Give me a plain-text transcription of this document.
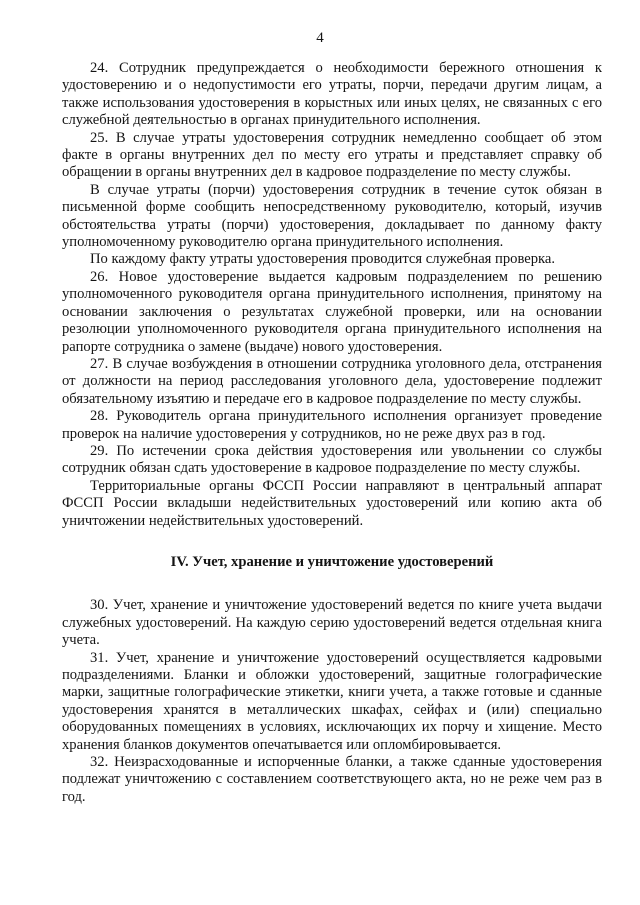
4

24. Сотрудник предупреждается о необходимости бережного отношения к удостоверению и о недопустимости его утраты, порчи, передачи другим лицам, а также использования удостоверения в корыстных или иных целях, не связанных с его служебной деятельностью в органах принудительного исполнения.

25. В случае утраты удостоверения сотрудник немедленно сообщает об этом факте в органы внутренних дел по месту его утраты и представляет справку об обращении в органы внутренних дел в кадровое подразделение по месту службы.

В случае утраты (порчи) удостоверения сотрудник в течение суток обязан в письменной форме сообщить непосредственному руководителю, который, изучив обстоятельства утраты (порчи) удостоверения, докладывает по данному факту уполномоченному руководителю органа принудительного исполнения.

По каждому факту утраты удостоверения проводится служебная проверка.

26. Новое удостоверение выдается кадровым подразделением по решению уполномоченного руководителя органа принудительного исполнения, принятому на основании заключения о результатах служебной проверки, или на основании резолюции уполномоченного руководителя органа принудительного исполнения на рапорте сотрудника о замене (выдаче) нового удостоверения.

27. В случае возбуждения в отношении сотрудника уголовного дела, отстранения от должности на период расследования уголовного дела, удостоверение подлежит обязательному изъятию и передаче его в кадровое подразделение по месту службы.

28. Руководитель органа принудительного исполнения организует проведение проверок на наличие удостоверения у сотрудников, но не реже двух раз в год.

29. По истечении срока действия удостоверения или увольнении со службы сотрудник обязан сдать удостоверение в кадровое подразделение по месту службы.

Территориальные органы ФССП России направляют в центральный аппарат ФССП России вкладыши недействительных удостоверений или копию акта об уничтожении недействительных удостоверений.

IV. Учет, хранение и уничтожение удостоверений

30. Учет, хранение и уничтожение удостоверений ведется по книге учета выдачи служебных удостоверений. На каждую серию удостоверений ведется отдельная книга учета.

31. Учет, хранение и уничтожение удостоверений осуществляется кадровыми подразделениями. Бланки и обложки удостоверений, защитные голографические марки, защитные голографические этикетки, книги учета, а также готовые и сданные удостоверения хранятся в металлических шкафах, сейфах и (или) специально оборудованных помещениях в условиях, исключающих их порчу и хищение. Место хранения бланков документов опечатывается или опломбировывается.

32. Неизрасходованные и испорченные бланки, а также сданные удостоверения подлежат уничтожению с составлением соответствующего акта, но не реже чем раз в год.
